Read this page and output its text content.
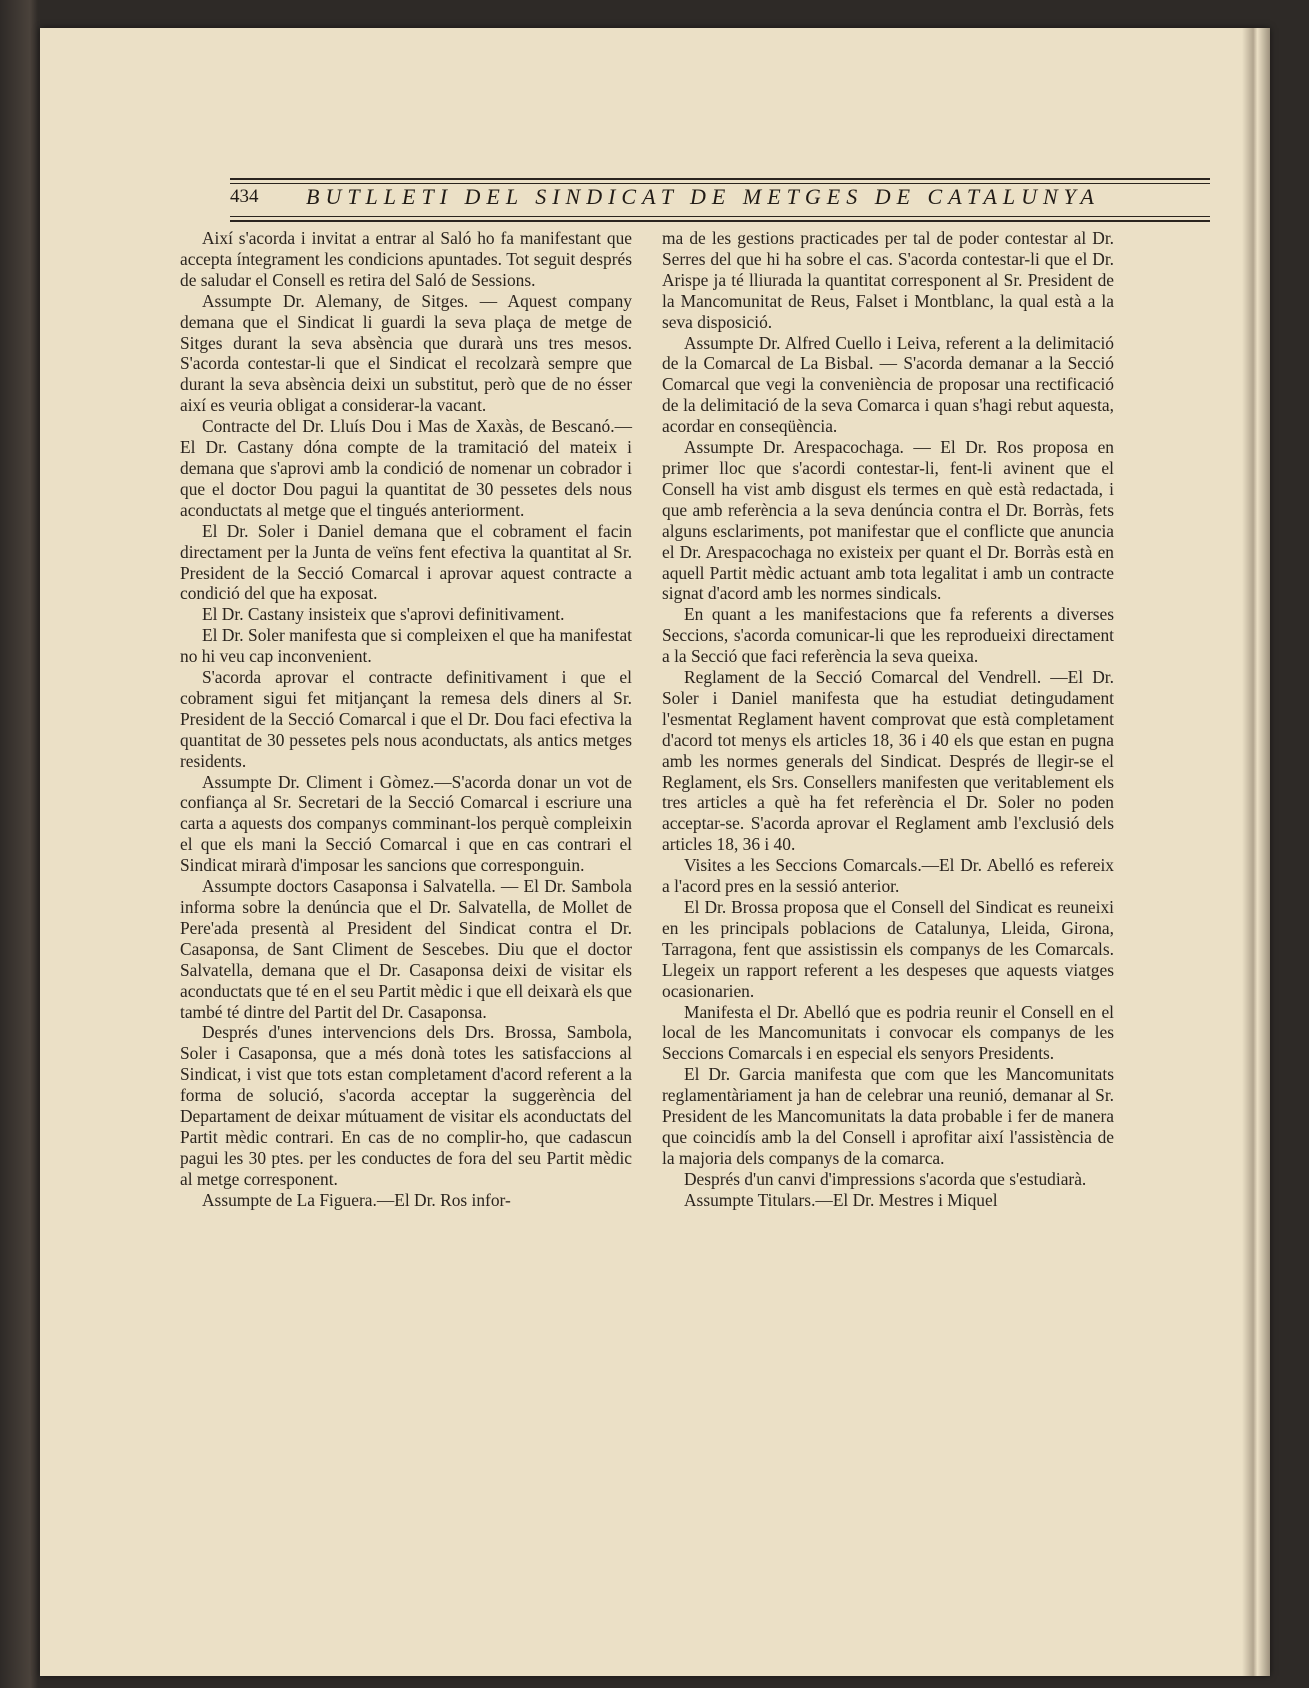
434 BUTLLETI DEL SINDICAT DE METGES DE CATALUNYA

Així s'acorda i invitat a entrar al Saló ho fa manifestant que accepta íntegrament les condicions apuntades. Tot seguit després de saludar el Consell es retira del Saló de Sessions.

Assumpte Dr. Alemany, de Sitges. — Aquest company demana que el Sindicat li guardi la seva plaça de metge de Sitges durant la seva absència que durarà uns tres mesos. S'acorda contestar-li que el Sindicat el recolzarà sempre que durant la seva absència deixi un substitut, però que de no ésser així es veuria obligat a considerar-la vacant.

Contracte del Dr. Lluís Dou i Mas de Xaxàs, de Bescanó.—El Dr. Castany dóna compte de la tramitació del mateix i demana que s'aprovi amb la condició de nomenar un cobrador i que el doctor Dou pagui la quantitat de 30 pessetes dels nous aconductats al metge que el tingués anteriorment.

El Dr. Soler i Daniel demana que el cobrament el facin directament per la Junta de veïns fent efectiva la quantitat al Sr. President de la Secció Comarcal i aprovar aquest contracte a condició del que ha exposat.

El Dr. Castany insisteix que s'aprovi definitivament.

El Dr. Soler manifesta que si compleixen el que ha manifestat no hi veu cap inconvenient.

S'acorda aprovar el contracte definitivament i que el cobrament sigui fet mitjançant la remesa dels diners al Sr. President de la Secció Comarcal i que el Dr. Dou faci efectiva la quantitat de 30 pessetes pels nous aconductats, als antics metges residents.

Assumpte Dr. Climent i Gòmez.—S'acorda donar un vot de confiança al Sr. Secretari de la Secció Comarcal i escriure una carta a aquests dos companys comminant-los perquè compleixin el que els mani la Secció Comarcal i que en cas contrari el Sindicat mirarà d'imposar les sancions que corresponguin.

Assumpte doctors Casaponsa i Salvatella. — El Dr. Sambola informa sobre la denúncia que el Dr. Salvatella, de Mollet de Pere'ada presentà al President del Sindicat contra el Dr. Casaponsa, de Sant Climent de Sescebes. Diu que el doctor Salvatella, demana que el Dr. Casaponsa deixi de visitar els aconductats que té en el seu Partit mèdic i que ell deixarà els que també té dintre del Partit del Dr. Casaponsa.

Després d'unes intervencions dels Drs. Brossa, Sambola, Soler i Casaponsa, que a més donà totes les satisfaccions al Sindicat, i vist que tots estan completament d'acord referent a la forma de solució, s'acorda acceptar la suggerència del Departament de deixar mútuament de visitar els aconductats del Partit mèdic contrari. En cas de no complir-ho, que cadascun pagui les 30 ptes. per les conductes de fora del seu Partit mèdic al metge corresponent.

Assumpte de La Figuera.—El Dr. Ros infor-

ma de les gestions practicades per tal de poder contestar al Dr. Serres del que hi ha sobre el cas. S'acorda contestar-li que el Dr. Arispe ja té lliurada la quantitat corresponent al Sr. President de la Mancomunitat de Reus, Falset i Montblanc, la qual està a la seva disposició.

Assumpte Dr. Alfred Cuello i Leiva, referent a la delimitació de la Comarcal de La Bisbal. — S'acorda demanar a la Secció Comarcal que vegi la conveniència de proposar una rectificació de la delimitació de la seva Comarca i quan s'hagi rebut aquesta, acordar en conseqüència.

Assumpte Dr. Arespacochaga. — El Dr. Ros proposa en primer lloc que s'acordi contestar-li, fent-li avinent que el Consell ha vist amb disgust els termes en què està redactada, i que amb referència a la seva denúncia contra el Dr. Borràs, fets alguns esclariments, pot manifestar que el conflicte que anuncia el Dr. Arespacochaga no existeix per quant el Dr. Borràs està en aquell Partit mèdic actuant amb tota legalitat i amb un contracte signat d'acord amb les normes sindicals.

En quant a les manifestacions que fa referents a diverses Seccions, s'acorda comunicar-li que les reprodueixi directament a la Secció que faci referència la seva queixa.

Reglament de la Secció Comarcal del Vendrell. —El Dr. Soler i Daniel manifesta que ha estudiat detingudament l'esmentat Reglament havent comprovat que està completament d'acord tot menys els articles 18, 36 i 40 els que estan en pugna amb les normes generals del Sindicat. Després de llegir-se el Reglament, els Srs. Consellers manifesten que veritablement els tres articles a què ha fet referència el Dr. Soler no poden acceptar-se. S'acorda aprovar el Reglament amb l'exclusió dels articles 18, 36 i 40.

Visites a les Seccions Comarcals.—El Dr. Abelló es refereix a l'acord pres en la sessió anterior.

El Dr. Brossa proposa que el Consell del Sindicat es reuneixi en les principals poblacions de Catalunya, Lleida, Girona, Tarragona, fent que assistissin els companys de les Comarcals. Llegeix un rapport referent a les despeses que aquests viatges ocasionarien.

Manifesta el Dr. Abelló que es podria reunir el Consell en el local de les Mancomunitats i convocar els companys de les Seccions Comarcals i en especial els senyors Presidents.

El Dr. Garcia manifesta que com que les Mancomunitats reglamentàriament ja han de celebrar una reunió, demanar al Sr. President de les Mancomunitats la data probable i fer de manera que coincidís amb la del Consell i aprofitar així l'assistència de la majoria dels companys de la comarca.

Després d'un canvi d'impressions s'acorda que s'estudiarà.

Assumpte Titulars.—El Dr. Mestres i Miquel
